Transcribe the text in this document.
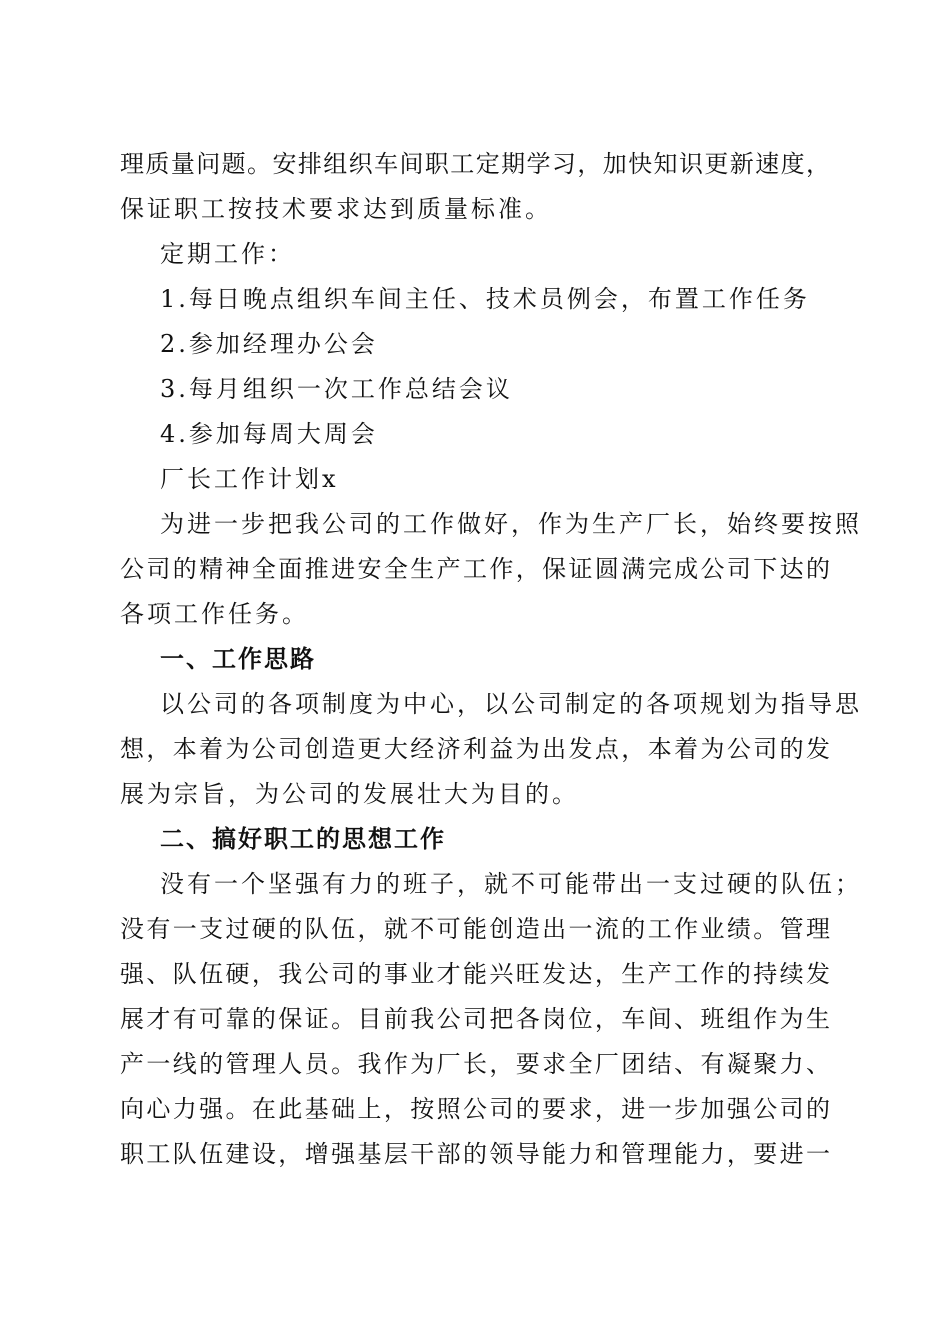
理质量问题。安排组织车间职工定期学习，加快知识更新速度，
保证职工按技术要求达到质量标准。
定期工作：
1.每日晚点组织车间主任、技术员例会，布置工作任务
2.参加经理办公会
3.每月组织一次工作总结会议
4.参加每周大周会
厂长工作计划x
为进一步把我公司的工作做好，作为生产厂长，始终要按照
公司的精神全面推进安全生产工作，保证圆满完成公司下达的
各项工作任务。
一、工作思路
以公司的各项制度为中心，以公司制定的各项规划为指导思
想，本着为公司创造更大经济利益为出发点，本着为公司的发
展为宗旨，为公司的发展壮大为目的。
二、搞好职工的思想工作
没有一个坚强有力的班子，就不可能带出一支过硬的队伍；
没有一支过硬的队伍，就不可能创造出一流的工作业绩。管理
强、队伍硬，我公司的事业才能兴旺发达，生产工作的持续发
展才有可靠的保证。目前我公司把各岗位，车间、班组作为生
产一线的管理人员。我作为厂长，要求全厂团结、有凝聚力、
向心力强。在此基础上，按照公司的要求，进一步加强公司的
职工队伍建设，增强基层干部的领导能力和管理能力，要进一
